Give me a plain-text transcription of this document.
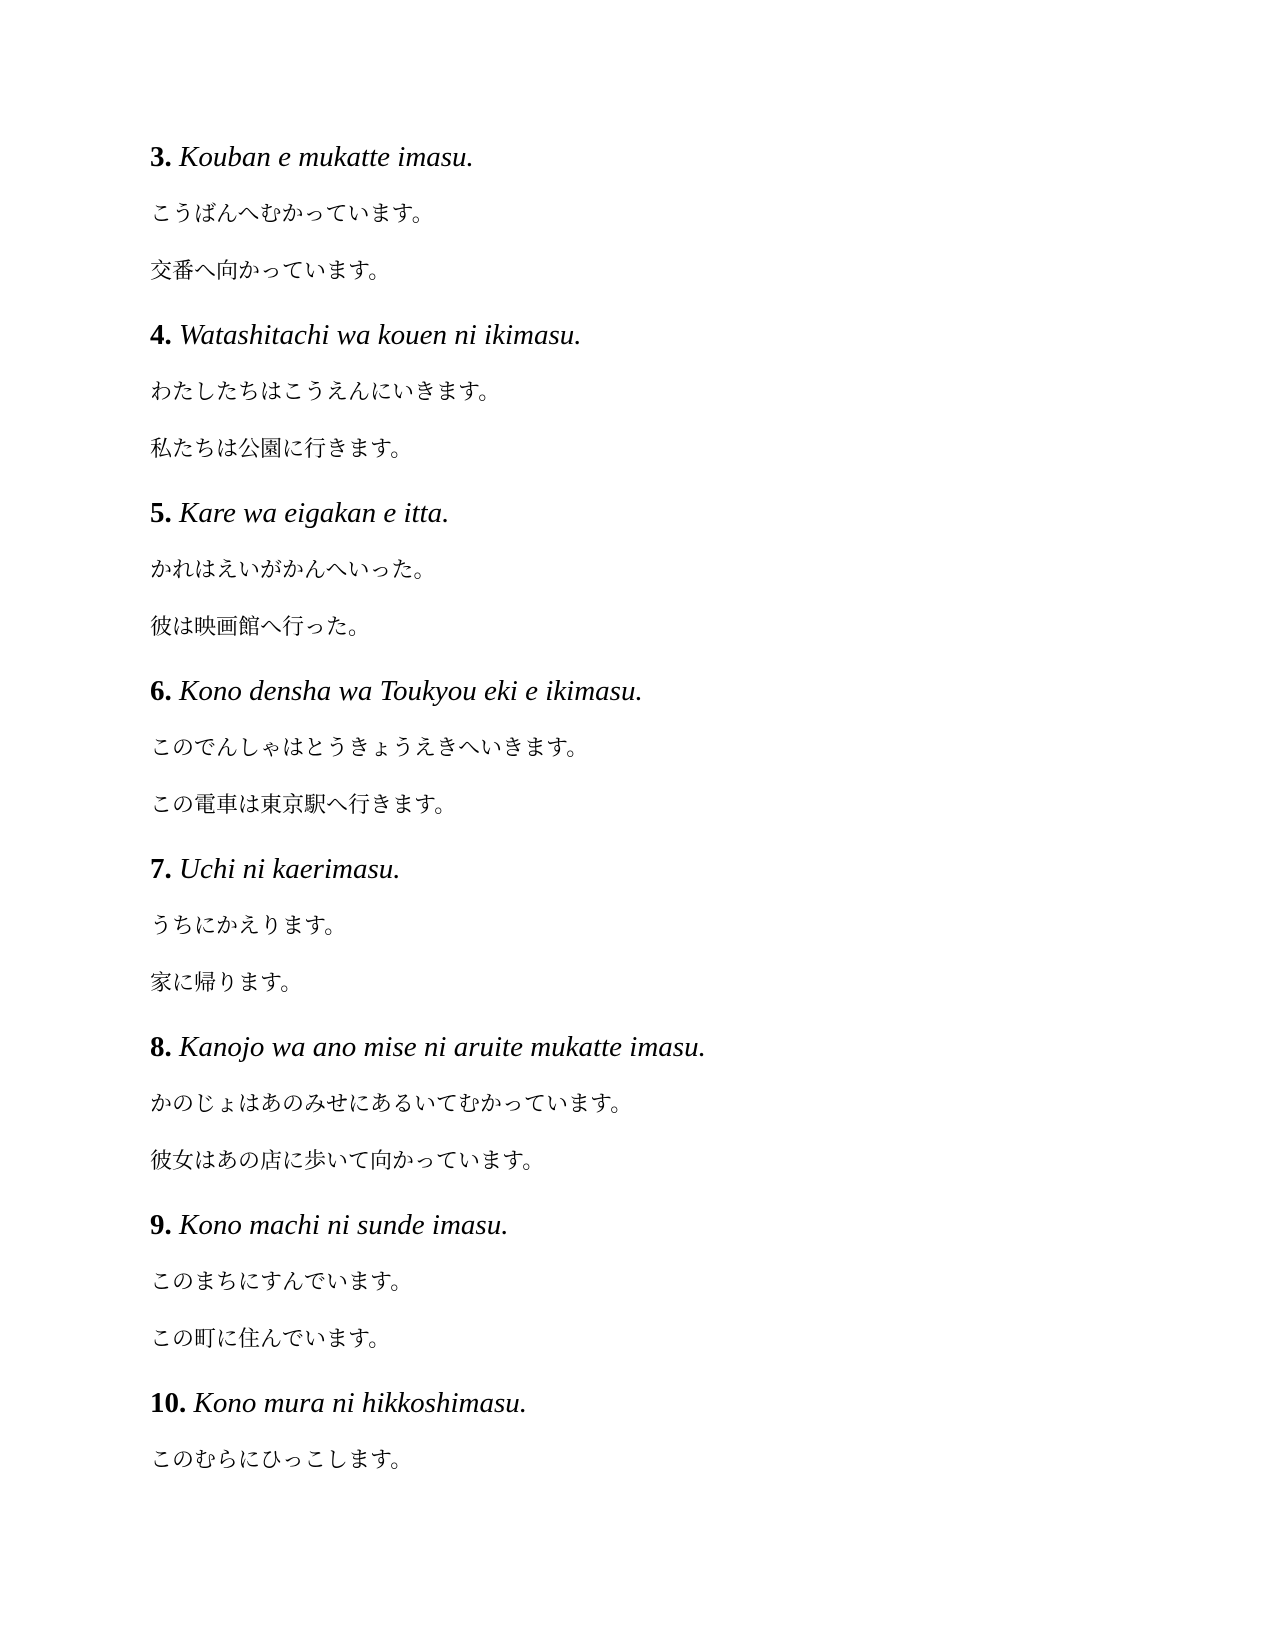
3. Kouban e mukatte imasu.
こうばんへむかっています。
交番へ向かっています。
4. Watashitachi wa kouen ni ikimasu.
わたしたちはこうえんにいきます。
私たちは公園に行きます。
5. Kare wa eigakan e itta.
かれはえいがかんへいった。
彼は映画館へ行った。
6. Kono densha wa Toukyou eki e ikimasu.
このでんしゃはとうきょうえきへいきます。
この電車は東京駅へ行きます。
7. Uchi ni kaerimasu.
うちにかえります。
家に帰ります。
8. Kanojo wa ano mise ni aruite mukatte imasu.
かのじょはあのみせにあるいてむかっています。
彼女はあの店に歩いて向かっています。
9. Kono machi ni sunde imasu.
このまちにすんでいます。
この町に住んでいます。
10. Kono mura ni hikkoshimasu.
このむらにひっこします。
